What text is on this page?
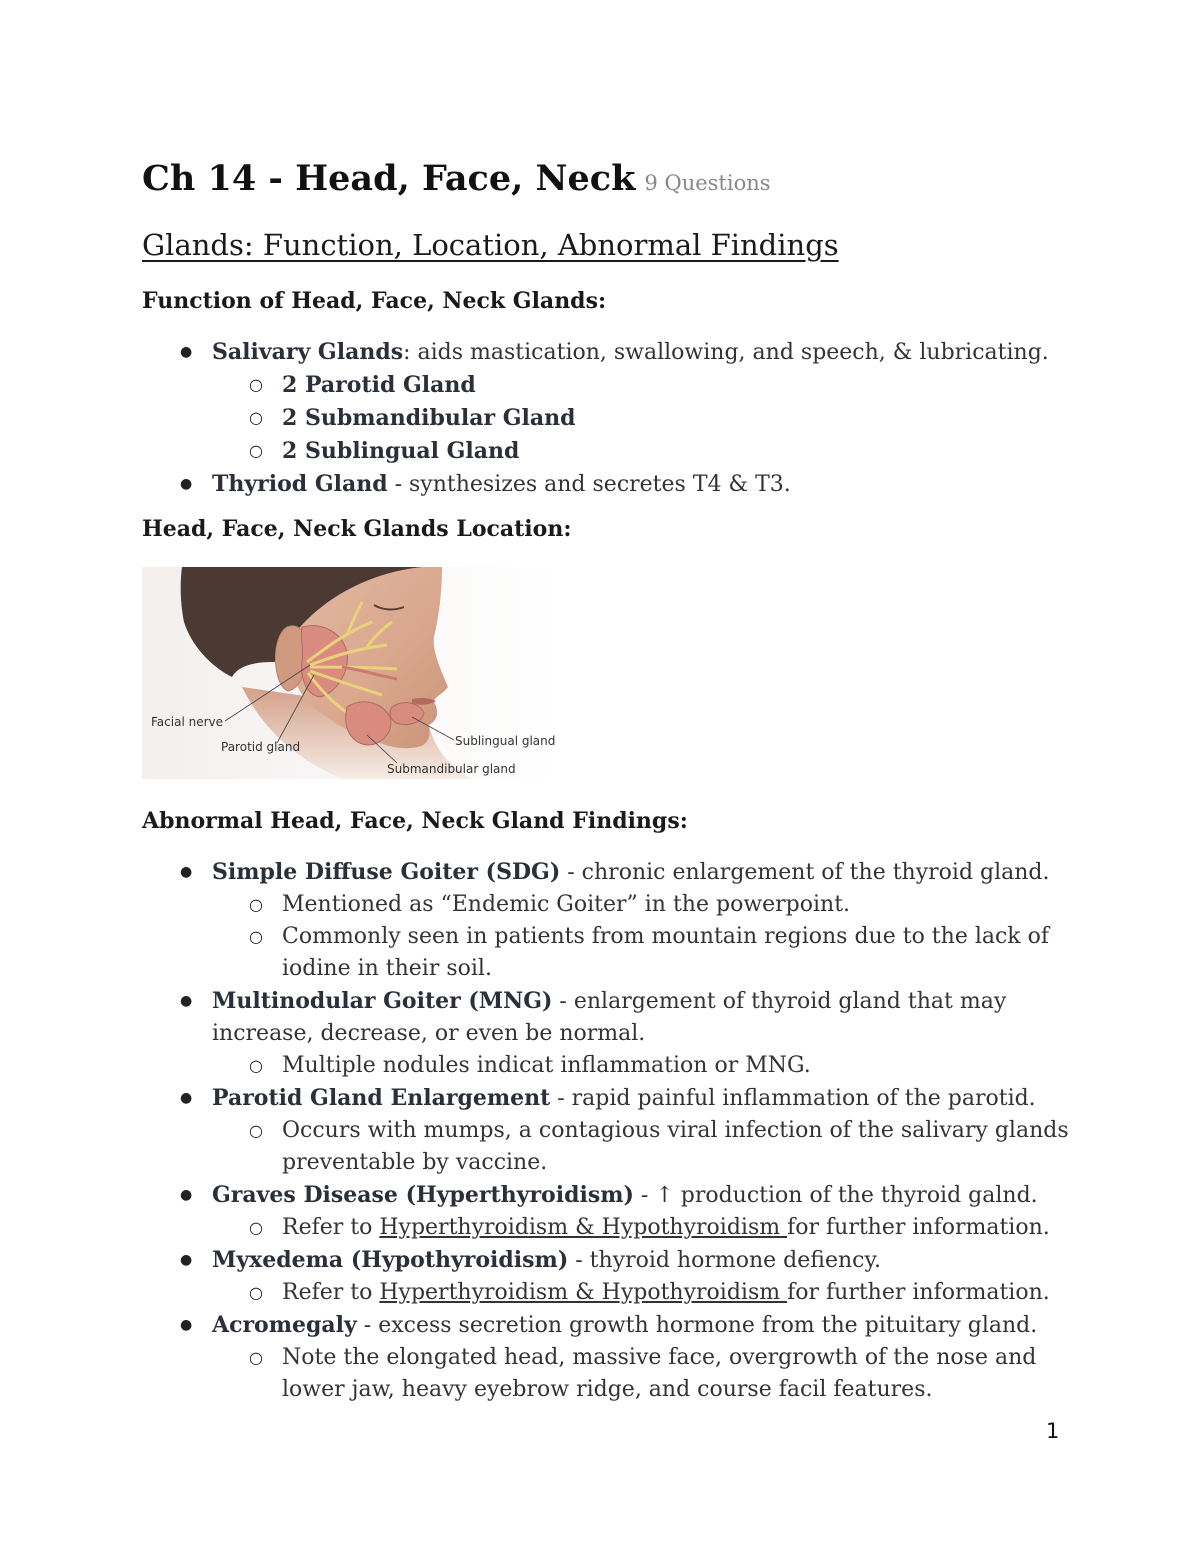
Ch 14 - Head, Face, Neck 9 Questions
Glands: Function, Location, Abnormal Findings
Function of Head, Face, Neck Glands:
● Salivary Glands: aids mastication, swallowing, and speech, & lubricating.
○ 2 Parotid Gland
○ 2 Submandibular Gland
○ 2 Sublingual Gland
● Thyriod Gland - synthesizes and secretes T4 & T3.
Head, Face, Neck Glands Location:
Facial nerve
Parotid gland	Sublingual gland
Submandibular gland
Abnormal Head, Face, Neck Gland Findings:
● Simple Diffuse Goiter (SDG) - chronic enlargement of the thyroid gland.
○ Mentioned as “Endemic Goiter” in the powerpoint.
○ Commonly seen in patients from mountain regions due to the lack of iodine in their soil.
● Multinodular Goiter (MNG) - enlargement of thyroid gland that may increase, decrease, or even be normal.
○ Multiple nodules indicat inflammation or MNG.
● Parotid Gland Enlargement - rapid painful inflammation of the parotid.
○ Occurs with mumps, a contagious viral infection of the salivary glands preventable by vaccine.
● Graves Disease (Hyperthyroidism) - ↑ production of the thyroid galnd.
○ Refer to Hyperthyroidism & Hypothyroidism for further information.
● Myxedema (Hypothyroidism) - thyroid hormone defiency.
○ Refer to Hyperthyroidism & Hypothyroidism for further information.
● Acromegaly - excess secretion growth hormone from the pituitary gland.
○ Note the elongated head, massive face, overgrowth of the nose and lower jaw, heavy eyebrow ridge, and course facil features.
1
